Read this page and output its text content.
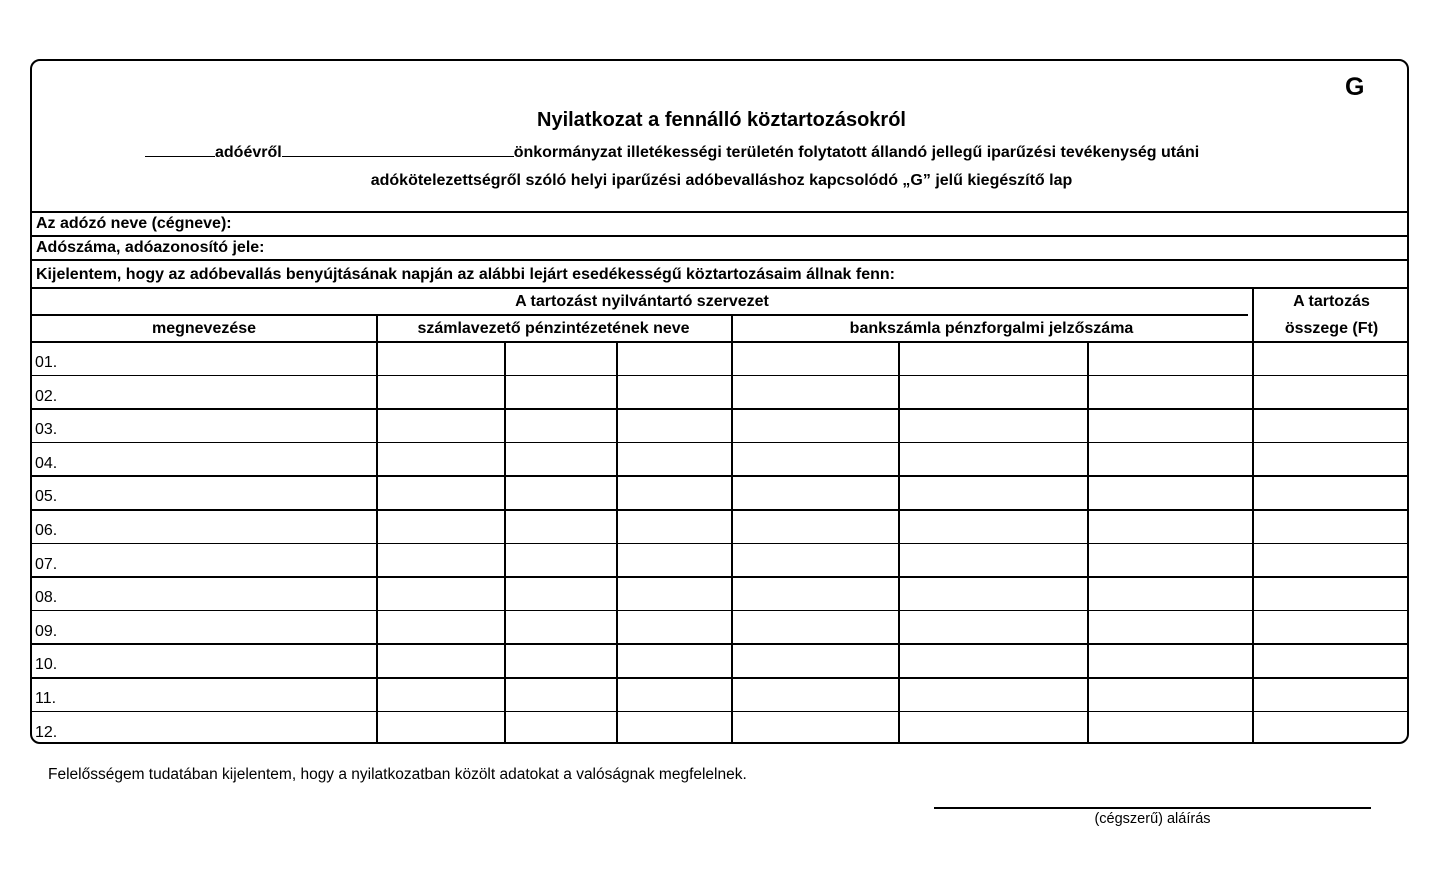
G
Nyilatkozat a fennálló köztartozásokról
adóévről	önkormányzat illetékességi területén folytatott állandó jellegű iparűzési tevékenység utáni
adókötelezettségről szóló helyi iparűzési adóbevalláshoz kapcsolódó „G” jelű kiegészítő lap
Az adózó neve (cégneve):
Adószáma, adóazonosító jele:
Kijelentem, hogy az adóbevallás benyújtásának napján az alábbi lejárt esedékességű köztartozásaim állnak fenn:
A tartozást nyilvántartó szervezet	A tartozás
megnevezése	számlavezető pénzintézetének neve	bankszámla pénzforgalmi jelzőszáma	összege (Ft)
01.
02.
03.
04.
05.
06.
07.
08.
09.
10.
11.
12.
Felelősségem tudatában kijelentem, hogy a nyilatkozatban közölt adatokat a valóságnak megfelelnek.
(cégszerű) aláírás
